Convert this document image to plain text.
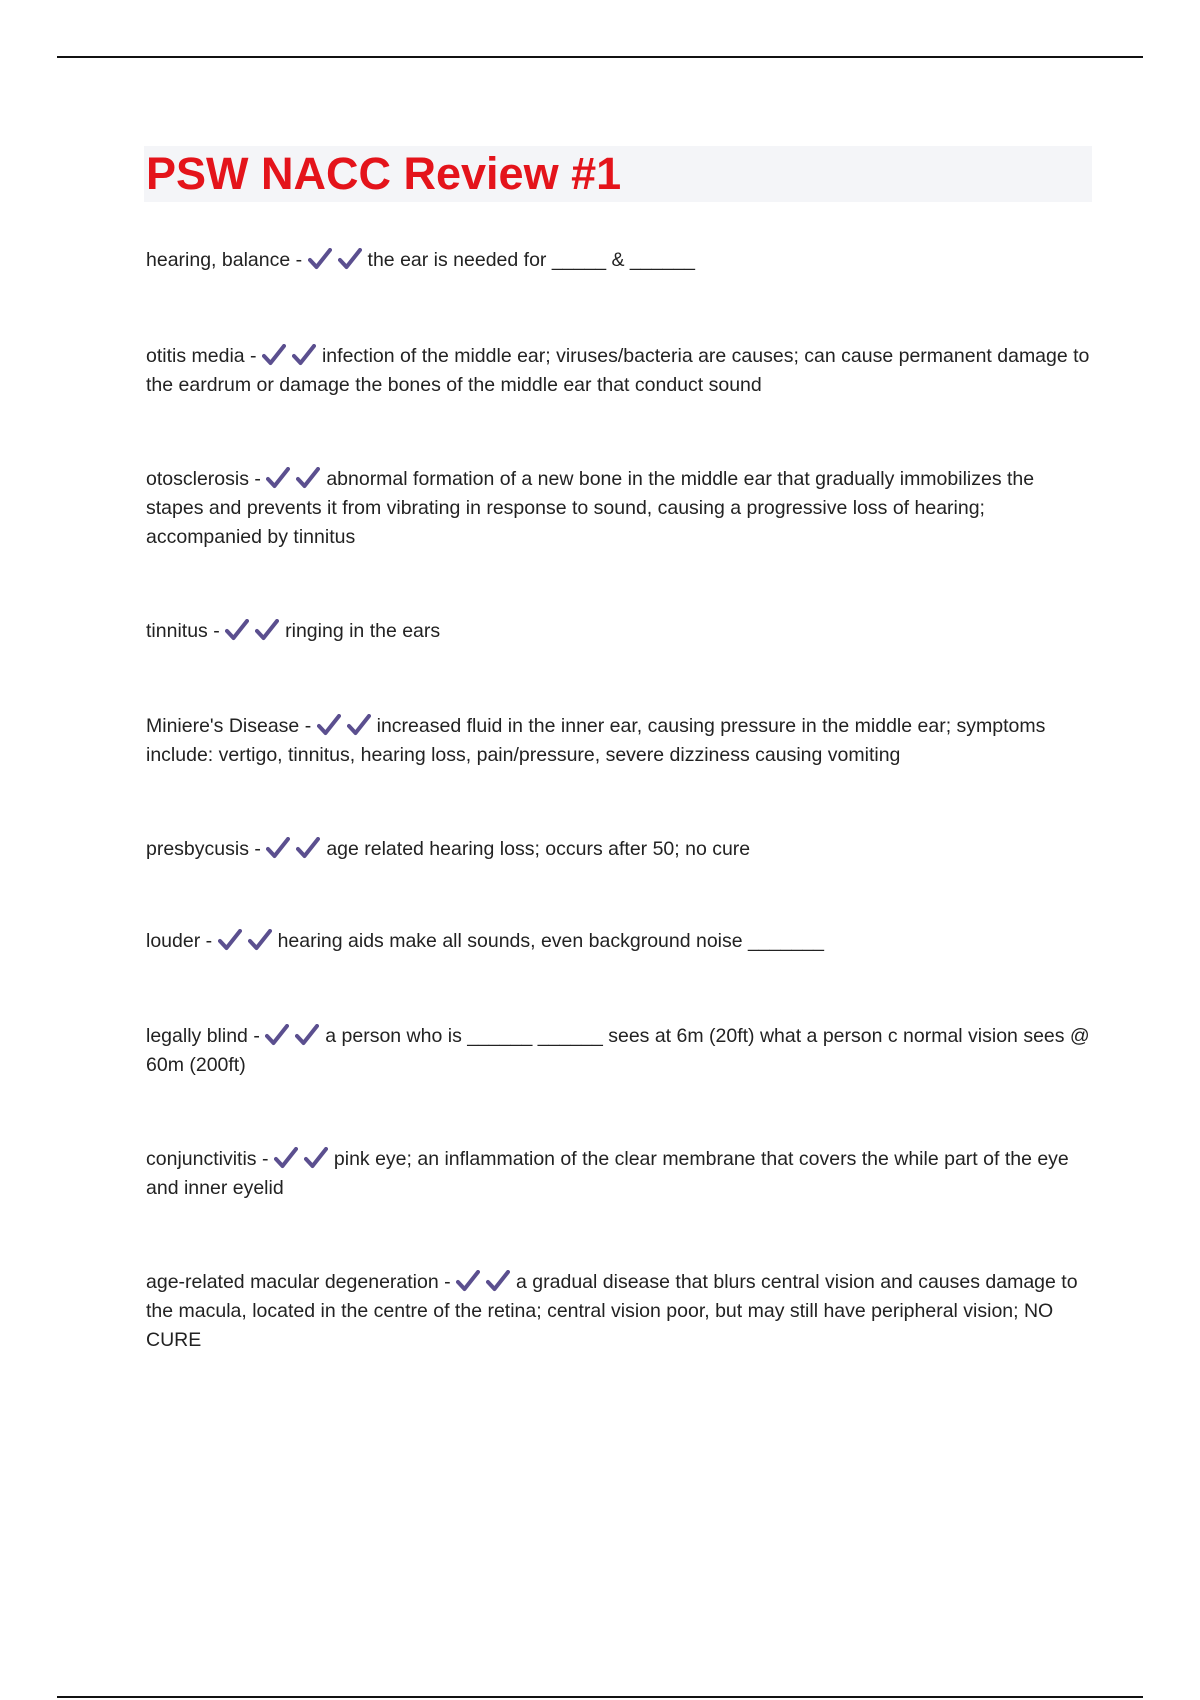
PSW NACC Review #1
hearing, balance -	the ear is needed for _____ & ______
otitis media -	infection of the middle ear; viruses/bacteria are causes; can cause permanent damage to the eardrum or damage the bones of the middle ear that conduct sound
otosclerosis -	abnormal formation of a new bone in the middle ear that gradually immobilizes the stapes and prevents it from vibrating in response to sound, causing a progressive loss of hearing; accompanied by tinnitus
tinnitus -	ringing in the ears
Miniere's Disease -	increased fluid in the inner ear, causing pressure in the middle ear; symptoms include: vertigo, tinnitus, hearing loss, pain/pressure, severe dizziness causing vomiting
presbycusis -	age related hearing loss; occurs after 50; no cure
louder -	hearing aids make all sounds, even background noise _______
legally blind -	a person who is ______ ______ sees at 6m (20ft) what a person c normal vision sees @ 60m (200ft)
conjunctivitis -	pink eye; an inflammation of the clear membrane that covers the while part of the eye and inner eyelid
age-related macular degeneration -	a gradual disease that blurs central vision and causes damage to the macula, located in the centre of the retina; central vision poor, but may still have peripheral vision; NO CURE
